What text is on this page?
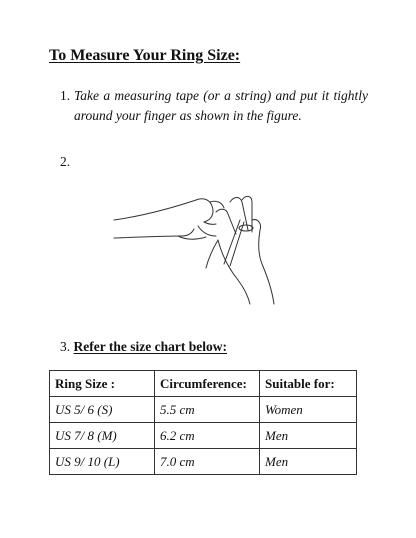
To Measure Your Ring Size:
1. Take a measuring tape (or a string) and put it tightly around your finger as shown in the figure.
2.
3. Refer the size chart below:
Ring Size :	Circumference:	Suitable for:
US 5/ 6 (S)	5.5 cm	Women
US 7/ 8 (M)	6.2 cm	Men
US 9/ 10 (L)	7.0 cm	Men
